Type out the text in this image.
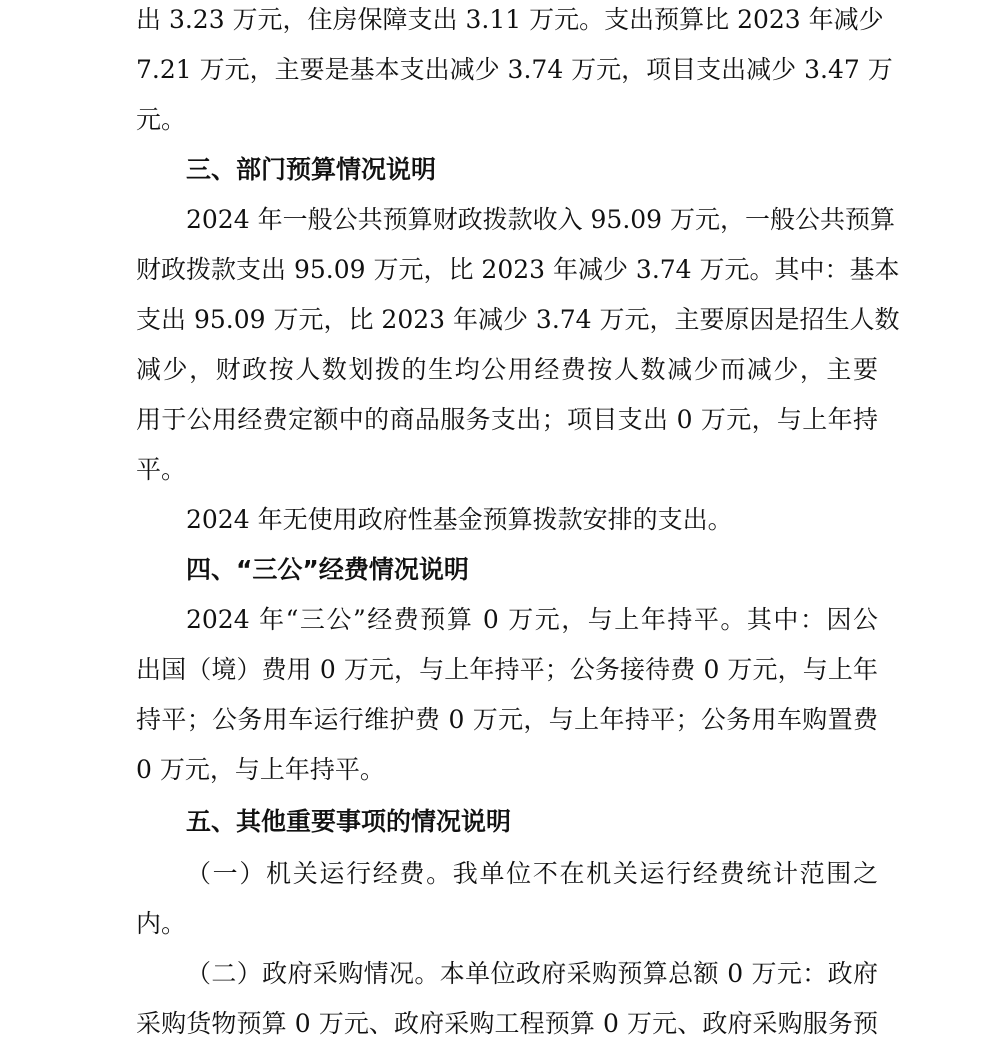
出 3.23 万元，住房保障支出 3.11 万元。支出预算比 2023 年减少
7.21 万元，主要是基本支出减少 3.74 万元，项目支出减少 3.47 万
元。
三、部门预算情况说明
2024 年一般公共预算财政拨款收入 95.09 万元，一般公共预算
财政拨款支出 95.09 万元，比 2023 年减少 3.74 万元。其中：基本
支出 95.09 万元，比 2023 年减少 3.74 万元，主要原因是招生人数
减少，财政按人数划拨的生均公用经费按人数减少而减少，主要
用于公用经费定额中的商品服务支出；项目支出 0 万元，与上年持
平。
2024 年无使用政府性基金预算拨款安排的支出。
四、“三公”经费情况说明
2024 年“三公”经费预算 0 万元，与上年持平。其中：因公
出国（境）费用 0 万元，与上年持平；公务接待费 0 万元，与上年
持平；公务用车运行维护费 0 万元，与上年持平；公务用车购置费
0 万元，与上年持平。
五、其他重要事项的情况说明
（一）机关运行经费。我单位不在机关运行经费统计范围之
内。
（二）政府采购情况。本单位政府采购预算总额 0 万元：政府
采购货物预算 0 万元、政府采购工程预算 0 万元、政府采购服务预
